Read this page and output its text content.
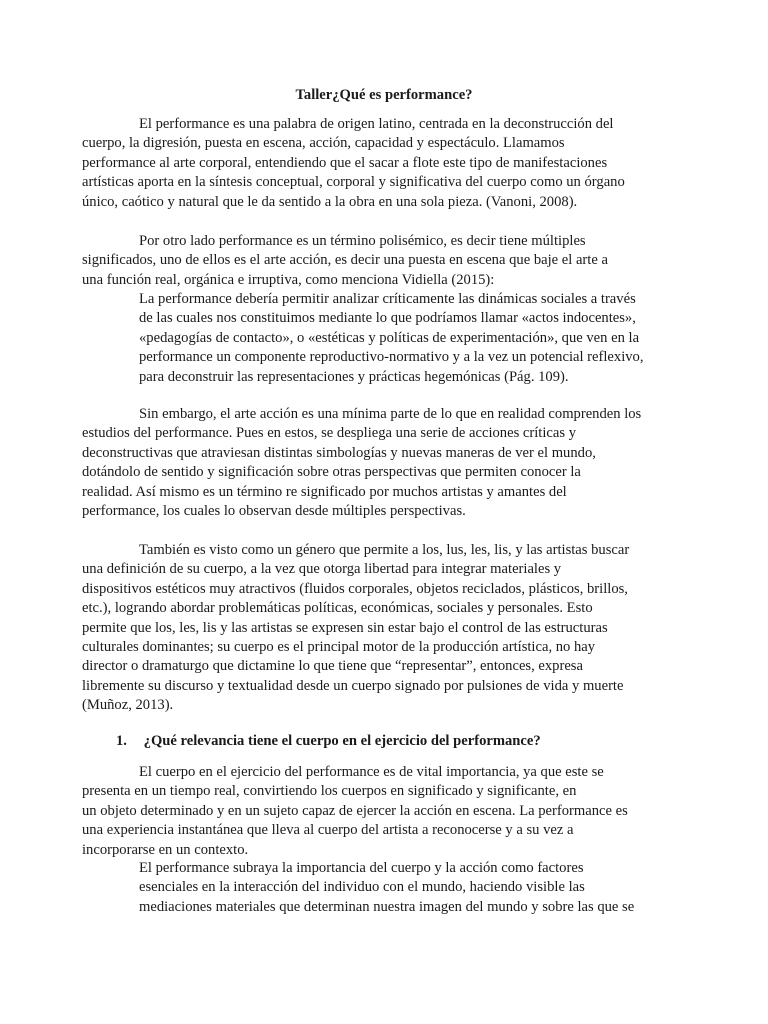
Taller¿Qué es performance?
El performance es una palabra de origen latino, centrada en la deconstrucción del
cuerpo, la digresión, puesta en escena, acción, capacidad y espectáculo. Llamamos
performance al arte corporal, entendiendo que el sacar a flote este tipo de manifestaciones
artísticas aporta en la síntesis conceptual, corporal y significativa del cuerpo como un órgano
único, caótico y natural que le da sentido a la obra en una sola pieza. (Vanoni, 2008).
Por otro lado performance es un término polisémico, es decir tiene múltiples
significados, uno de ellos es el arte acción, es decir una puesta en escena que baje el arte a
una función real, orgánica e irruptiva, como menciona Vidiella (2015):
La performance debería permitir analizar críticamente las dinámicas sociales a través
de las cuales nos constituimos mediante lo que podríamos llamar «actos indocentes»,
«pedagogías de contacto», o «estéticas y políticas de experimentación», que ven en la
performance un componente reproductivo-normativo y a la vez un potencial reflexivo,
para deconstruir las representaciones y prácticas hegemónicas (Pág. 109).
Sin embargo, el arte acción es una mínima parte de lo que en realidad comprenden los
estudios del performance. Pues en estos, se despliega una serie de acciones críticas y
deconstructivas que atraviesan distintas simbologías y nuevas maneras de ver el mundo,
dotándolo de sentido y significación sobre otras perspectivas que permiten conocer la
realidad. Así mismo es un término re significado por muchos artistas y amantes del
performance, los cuales lo observan desde múltiples perspectivas.
También es visto como un género que permite a los, lus, les, lis, y las artistas buscar
una definición de su cuerpo, a la vez que otorga libertad para integrar materiales y
dispositivos estéticos muy atractivos (fluidos corporales, objetos reciclados, plásticos, brillos,
etc.), logrando abordar problemáticas políticas, económicas, sociales y personales. Esto
permite que los, les, lis y las artistas se expresen sin estar bajo el control de las estructuras
culturales dominantes; su cuerpo es el principal motor de la producción artística, no hay
director o dramaturgo que dictamine lo que tiene que “representar”, entonces, expresa
libremente su discurso y textualidad desde un cuerpo signado por pulsiones de vida y muerte
(Muñoz, 2013).
1. ¿Qué relevancia tiene el cuerpo en el ejercicio del performance?
El cuerpo en el ejercicio del performance es de vital importancia, ya que este se
presenta en un tiempo real, convirtiendo los cuerpos en significado y significante, en
un objeto determinado y en un sujeto capaz de ejercer la acción en escena. La performance es
una experiencia instantánea que lleva al cuerpo del artista a reconocerse y a su vez a
incorporarse en un contexto.
El performance subraya la importancia del cuerpo y la acción como factores
esenciales en la interacción del individuo con el mundo, haciendo visible las
mediaciones materiales que determinan nuestra imagen del mundo y sobre las que se
